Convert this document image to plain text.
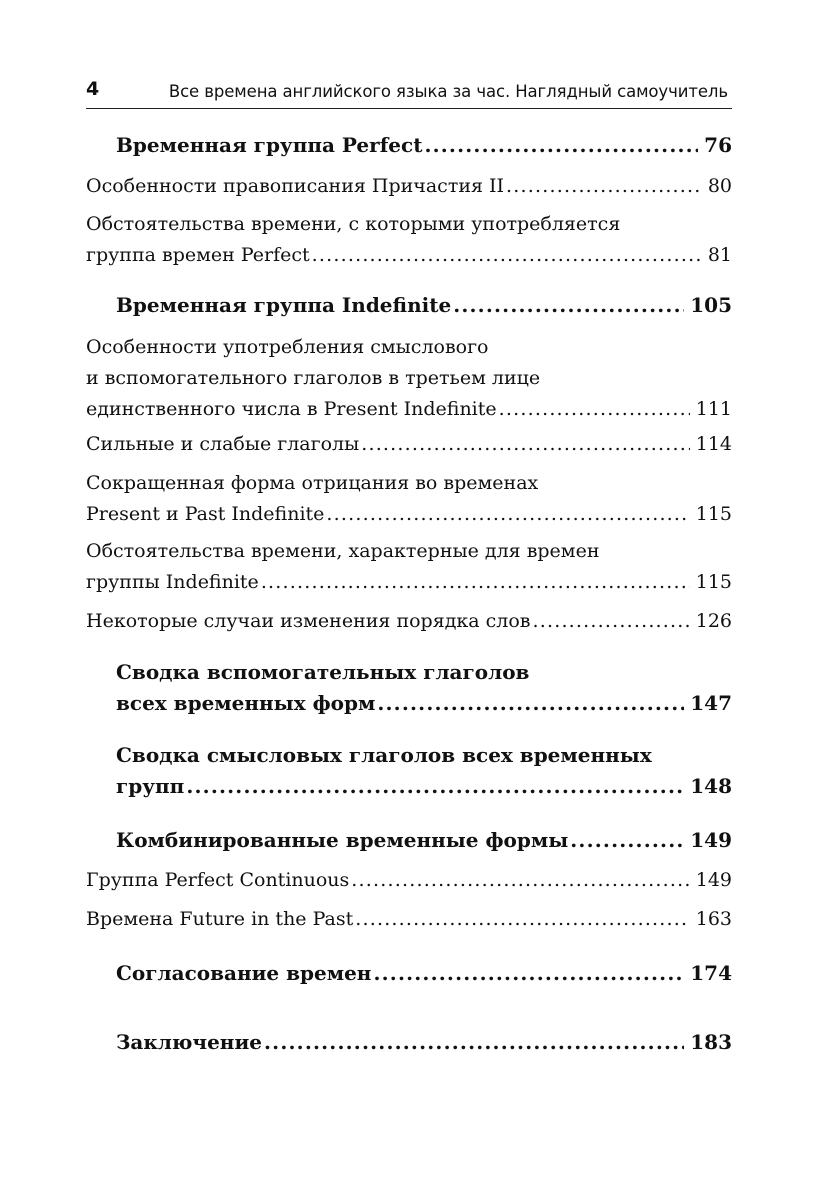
4	Все времена английского языка за час. Наглядный самоучитель
Временная группа Perfect .....	76
Особенности правописания Причастия II .....	80
Обстоятельства времени, с которыми употребляется
группа времен Perfect .....	81
Временная группа Indefinite .....	105
Особенности употребления смыслового
и вспомогательного глаголов в третьем лице
единственного числа в Present Indefinite .....	111
Сильные и слабые глаголы .....	114
Сокращенная форма отрицания во временах
Present и Past Indefinite .....	115
Обстоятельства времени, характерные для времен
группы Indefinite .....	115
Некоторые случаи изменения порядка слов .....	126
Сводка вспомогательных глаголов
всех временных форм .....	147
Сводка смысловых глаголов всех временных
групп .....	148
Комбинированные временные формы .....	149
Группа Perfect Continuous .....	149
Времена Future in the Past .....	163
Согласование времен .....	174
Заключение .....	183
